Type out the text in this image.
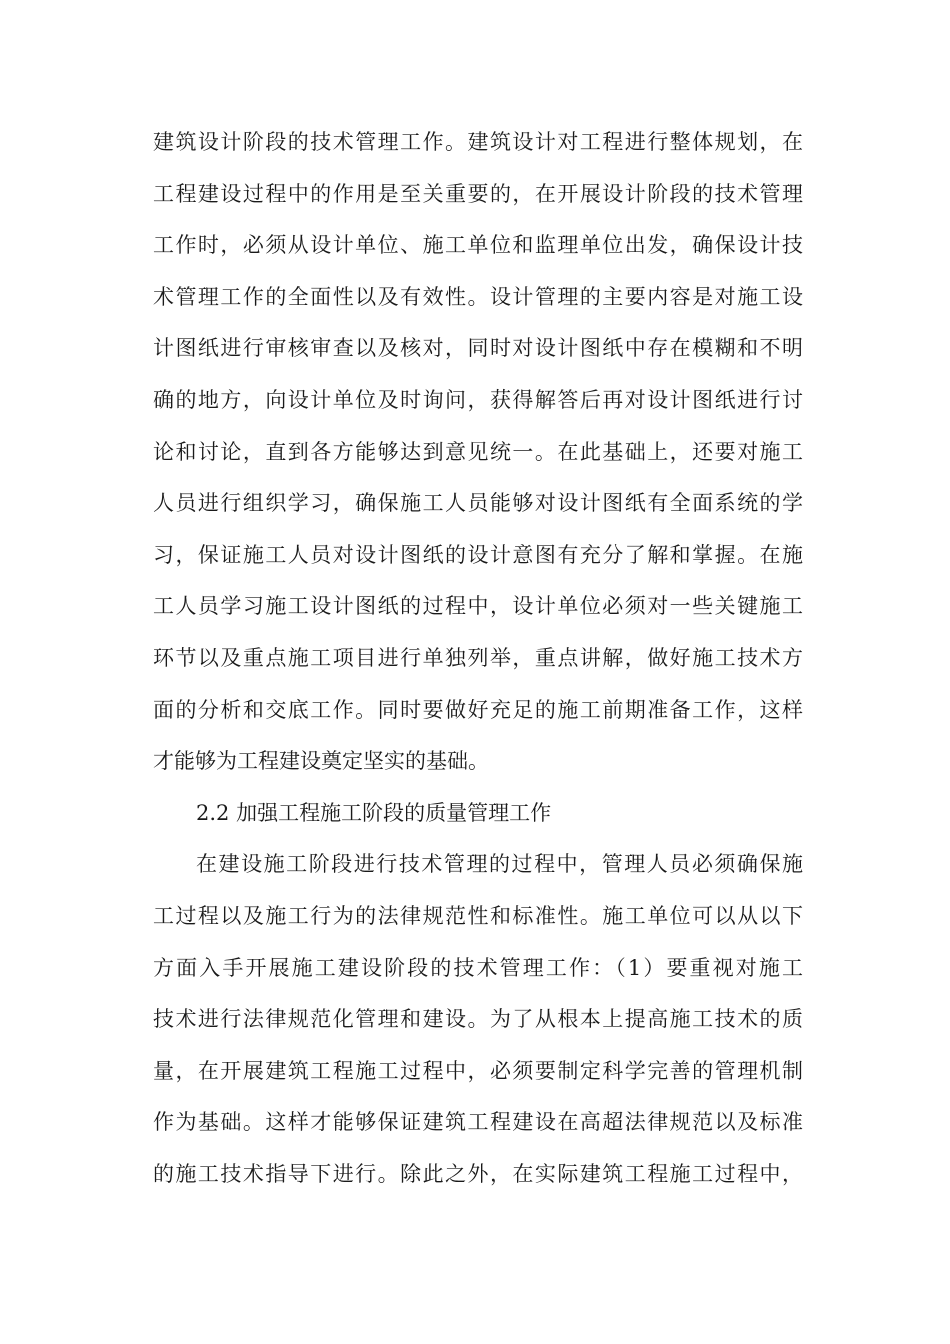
建筑设计阶段的技术管理工作。建筑设计对工程进行整体规划，在
工程建设过程中的作用是至关重要的，在开展设计阶段的技术管理
工作时，必须从设计单位、施工单位和监理单位出发，确保设计技
术管理工作的全面性以及有效性。设计管理的主要内容是对施工设
计图纸进行审核审查以及核对，同时对设计图纸中存在模糊和不明
确的地方，向设计单位及时询问，获得解答后再对设计图纸进行讨
论和讨论，直到各方能够达到意见统一。在此基础上，还要对施工
人员进行组织学习，确保施工人员能够对设计图纸有全面系统的学
习，保证施工人员对设计图纸的设计意图有充分了解和掌握。在施
工人员学习施工设计图纸的过程中，设计单位必须对一些关键施工
环节以及重点施工项目进行单独列举，重点讲解，做好施工技术方
面的分析和交底工作。同时要做好充足的施工前期准备工作，这样
才能够为工程建设奠定坚实的基础。
2.2 加强工程施工阶段的质量管理工作
在建设施工阶段进行技术管理的过程中，管理人员必须确保施
工过程以及施工行为的法律规范性和标准性。施工单位可以从以下
方面入手开展施工建设阶段的技术管理工作：（1）要重视对施工
技术进行法律规范化管理和建设。为了从根本上提高施工技术的质
量，在开展建筑工程施工过程中，必须要制定科学完善的管理机制
作为基础。这样才能够保证建筑工程建设在高超法律规范以及标准
的施工技术指导下进行。除此之外，在实际建筑工程施工过程中，
